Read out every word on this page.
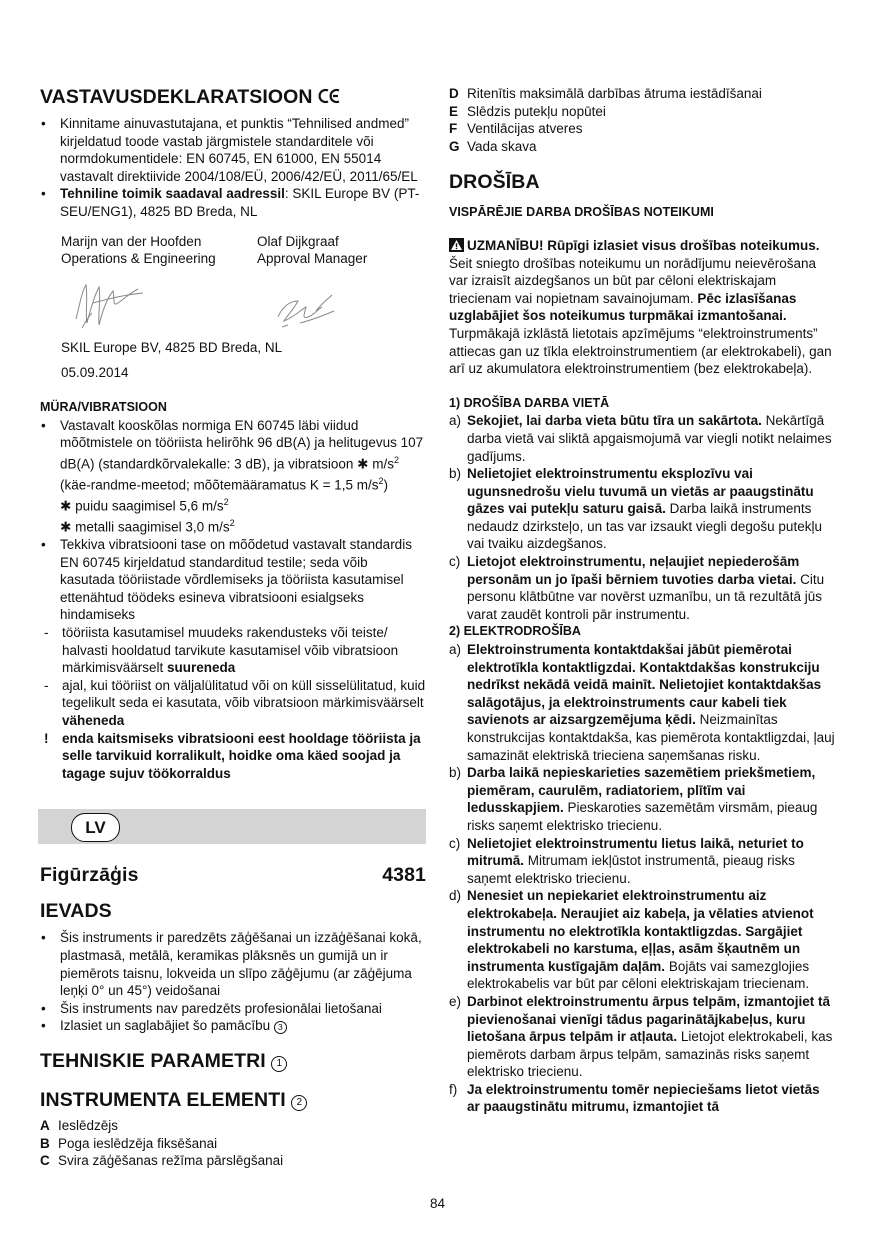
VASTAVUSDEKLARATSIOON
• Kinnitame ainuvastutajana, et punktis “Tehnilised andmed” kirjeldatud toode vastab järgmistele standarditele või normdokumentidele: EN 60745, EN 61000, EN 55014 vastavalt direktiivide 2004/108/EÜ, 2006/42/EÜ, 2011/65/EL
• Tehniline toimik saadaval aadressil: SKIL Europe BV (PT-SEU/ENG1), 4825 BD Breda, NL
Marijn van der Hoofden
Operations & Engineering
Olaf Dijkgraaf
Approval Manager
SKIL Europe BV, 4825 BD Breda, NL
05.09.2014
MÜRA/VIBRATSIOON
• Vastavalt kooskõlas normiga EN 60745 läbi viidud mõõtmistele on tööriista helirõhk 96 dB(A) ja helitugevus 107 dB(A) (standardkõrvalekalle: 3 dB), ja vibratsioon ✱ $m/s^2$ (käe-randme-meetod; mõõtemääramatus K = 1,5 $m/s^2$)
✱ puidu saagimisel 5,6 $m/s^2$
✱ metalli saagimisel 3,0 $m/s^2$
• Tekkiva vibratsiooni tase on mõõdetud vastavalt standardis EN 60745 kirjeldatud standarditud testile; seda võib kasutada tööriistade võrdlemiseks ja tööriista kasutamisel ettenähtud töödeks esineva vibratsiooni esialgseks hindamiseks
- tööriista kasutamisel muudeks rakendusteks või teiste/ halvasti hooldatud tarvikute kasutamisel võib vibratsioon märkimisväärselt suureneda
- ajal, kui tööriist on väljalülitatud või on küll sisselülitatud, kuid tegelikult seda ei kasutata, võib vibratsioon märkimisväärselt väheneda
! enda kaitsmiseks vibratsiooni eest hooldage tööriista ja selle tarvikuid korralikult, hoidke oma käed soojad ja tagage sujuv töökorraldus
LV
Figūrzāģis	4381
IEVADS
• Šis instruments ir paredzēts zāģēšanai un izzāģēšanai kokā, plastmasā, metālā, keramikas plāksnēs un gumijā un ir piemērots taisnu, lokveida un slīpo zāģējumu (ar zāģējuma leņķi 0° un 45°) veidošanai
• Šis instruments nav paredzēts profesionālai lietošanai
• Izlasiet un saglabājiet šo pamācību 3
TEHNISKIE PARAMETRI 1
INSTRUMENTA ELEMENTI 2
A Ieslēdzējs
B Poga ieslēdzēja fiksēšanai
C Svira zāģēšanas režīma pārslēgšanai
D Ritenītis maksimālā darbības ātruma iestādīšanai
E Slēdzis putekļu nopūtei
F Ventilācijas atveres
G Vada skava
DROŠĪBA
VISPĀRĒJIE DARBA DROŠĪBAS NOTEIKUMI
UZMANĪBU! Rūpīgi izlasiet visus drošības noteikumus. Šeit sniegto drošības noteikumu un norādījumu neievērošana var izraisīt aizdegšanos un būt par cēloni elektriskajam triecienam vai nopietnam savainojumam. Pēc izlasīšanas uzglabājiet šos noteikumus turpmākai izmantošanai. Turpmākajā izklāstā lietotais apzīmējums “elektroinstruments” attiecas gan uz tīkla elektroinstrumentiem (ar elektrokabeli), gan arī uz akumulatora elektroinstrumentiem (bez elektrokabeļa).
1) DROŠĪBA DARBA VIETĀ
a) Sekojiet, lai darba vieta būtu tīra un sakārtota. Nekārtīgā darba vietā vai sliktā apgaismojumā var viegli notikt nelaimes gadījums.
b) Nelietojiet elektroinstrumentu eksplozīvu vai ugunsnedrošu vielu tuvumā un vietās ar paaugstinātu gāzes vai putekļu saturu gaisā. Darba laikā instruments nedaudz dzirksteļo, un tas var izsaukt viegli degošu putekļu vai tvaiku aizdegšanos.
c) Lietojot elektroinstrumentu, neļaujiet nepiederošām personām un jo īpaši bērniem tuvoties darba vietai. Citu personu klātbūtne var novērst uzmanību, un tā rezultātā jūs varat zaudēt kontroli pār instrumentu.
2) ELEKTRODROŠĪBA
a) Elektroinstrumenta kontaktdakšai jābūt piemērotai elektrotīkla kontaktligzdai. Kontaktdakšas konstrukciju nedrīkst nekādā veidā mainīt. Nelietojiet kontaktdakšas salāgotājus, ja elektroinstruments caur kabeli tiek savienots ar aizsargzemējuma ķēdi. Neizmainītas konstrukcijas kontaktdakša, kas piemērota kontaktligzdai, ļauj samazināt elektriskā trieciena saņemšanas risku.
b) Darba laikā nepieskarieties sazemētiem priekšmetiem, piemēram, caurulēm, radiatoriem, plītīm vai ledusskapjiem. Pieskaroties sazemētām virsmām, pieaug risks saņemt elektrisko triecienu.
c) Nelietojiet elektroinstrumentu lietus laikā, neturiet to mitrumā. Mitrumam iekļūstot instrumentā, pieaug risks saņemt elektrisko triecienu.
d) Nenesiet un nepiekariet elektroinstrumentu aiz elektrokabeļa. Neraujiet aiz kabeļa, ja vēlaties atvienot instrumentu no elektrotīkla kontaktligzdas. Sargājiet elektrokabeli no karstuma, eļļas, asām šķautnēm un instrumenta kustīgajām daļām. Bojāts vai samezglojies elektrokabelis var būt par cēloni elektriskajam triecienam.
e) Darbinot elektroinstrumentu ārpus telpām, izmantojiet tā pievienošanai vienīgi tādus pagarinātājkabeļus, kuru lietošana ārpus telpām ir atļauta. Lietojot elektrokabeli, kas piemērots darbam ārpus telpām, samazinās risks saņemt elektrisko triecienu.
f) Ja elektroinstrumentu tomēr nepieciešams lietot vietās ar paaugstinātu mitrumu, izmantojiet tā
84
